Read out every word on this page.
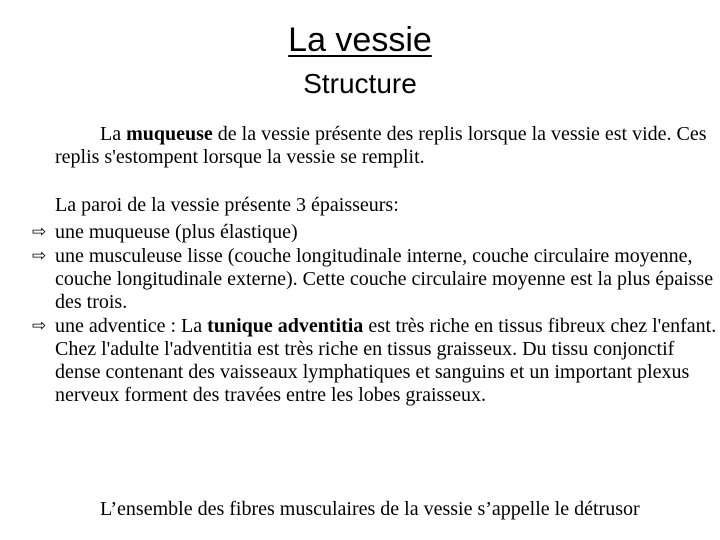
La vessie
Structure
La muqueuse de la vessie présente des replis lorsque la vessie est vide. Ces replis s'estompent lorsque la vessie se remplit.
La paroi de la vessie présente 3 épaisseurs:
⇨ une muqueuse (plus élastique)
⇨ une musculeuse lisse (couche longitudinale interne, couche circulaire moyenne, couche longitudinale externe). Cette couche circulaire moyenne est la plus épaisse des trois.
⇨ une adventice : La tunique adventitia est très riche en tissus fibreux chez l'enfant.
Chez l'adulte l'adventitia est très riche en tissus graisseux. Du tissu conjonctif dense contenant des vaisseaux lymphatiques et sanguins et un important plexus nerveux forment des travées entre les lobes graisseux.
L’ensemble des fibres musculaires de la vessie s’appelle le détrusor
